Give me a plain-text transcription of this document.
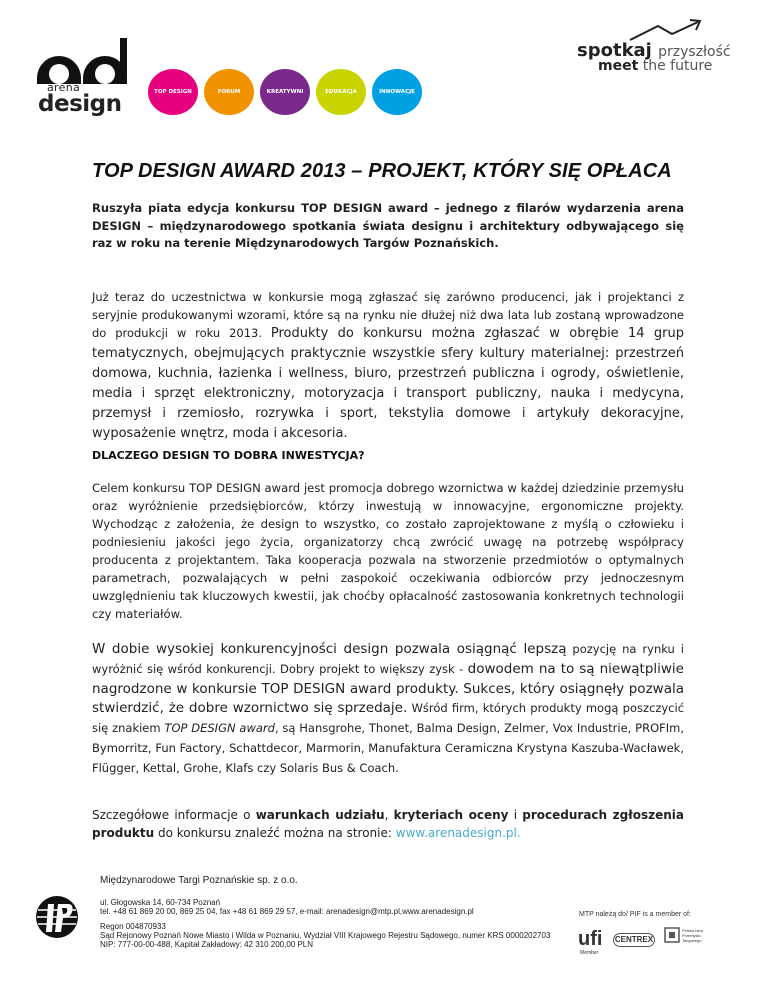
arena
design	TOP DESIGN	FORUM	KREATYWNI	EDUKACJA	INNOWACJE
spotkaj przyszłość
meet the future
TOP DESIGN AWARD 2013 – PROJEKT, KTÓRY SIĘ OPŁACA
Ruszyła piata edycja konkursu TOP DESIGN award – jednego z filarów wydarzenia arena DESIGN – międzynarodowego spotkania świata designu i architektury odbywającego się raz w roku na terenie Międzynarodowych Targów Poznańskich.
Już teraz do uczestnictwa w konkursie mogą zgłaszać się zarówno producenci, jak i projektanci z seryjnie produkowanymi wzorami, które są na rynku nie dłużej niż dwa lata lub zostaną wprowadzone do produkcji w roku 2013. Produkty do konkursu można zgłaszać w obrębie 14 grup tematycznych, obejmujących praktycznie wszystkie sfery kultury materialnej: przestrzeń domowa, kuchnia, łazienka i wellness, biuro, przestrzeń publiczna i ogrody, oświetlenie, media i sprzęt elektroniczny, motoryzacja i transport publiczny, nauka i medycyna, przemysł i rzemiosło, rozrywka i sport, tekstylia domowe i artykuły dekoracyjne, wyposażenie wnętrz, moda i akcesoria.
DLACZEGO DESIGN TO DOBRA INWESTYCJA?
Celem konkursu TOP DESIGN award jest promocja dobrego wzornictwa w każdej dziedzinie przemysłu oraz wyróżnienie przedsiębiorców, którzy inwestują w innowacyjne, ergonomiczne projekty. Wychodząc z założenia, że design to wszystko, co zostało zaprojektowane z myślą o człowieku i podniesieniu jakości jego życia, organizatorzy chcą zwrócić uwagę na potrzebę współpracy producenta z projektantem. Taka kooperacja pozwala na stworzenie przedmiotów o optymalnych parametrach, pozwalających w pełni zaspokoić oczekiwania odbiorców przy jednoczesnym uwzględnieniu tak kluczowych kwestii, jak choćby opłacalność zastosowania konkretnych technologii czy materiałów.
W dobie wysokiej konkurencyjności design pozwala osiągnąć lepszą pozycję na rynku i wyróżnić się wśród konkurencji. Dobry projekt to większy zysk - dowodem na to są niewątpliwie nagrodzone w konkursie TOP DESIGN award produkty. Sukces, który osiągnęły pozwala stwierdzić, że dobre wzornictwo się sprzedaje. Wśród firm, których produkty mogą poszczycić się znakiem TOP DESIGN award, są Hansgrohe, Thonet, Balma Design, Zelmer, Vox Industrie, PROFIm, Bymorritz, Fun Factory, Schattdecor, Marmorin, Manufaktura Ceramiczna Krystyna Kaszuba-Wacławek, Flügger, Kettal, Grohe, Klafs czy Solaris Bus & Coach.
Szczegółowe informacje o warunkach udziału, kryteriach oceny i procedurach zgłoszenia produktu do konkursu znaleźć można na stronie: www.arenadesign.pl.
Międzynarodowe Targi Poznańskie sp. z o.o.
ul. Głogowska 14, 60-734 Poznań
tel. +48 61 869 20 00, 869 25 04, fax +48 61 869 29 57, e-mail: arenadesign@mtp.pl,www.arenadesign.pl
Regon 004870933
Sąd Rejonowy Poznań Nowe Miasto i Wilda w Poznaniu, Wydział VIII Krajowego Rejestru Sądowego, numer KRS 0000202703
NIP: 777-00-00-488, Kapitał Zakładowy: 42 310 200,00 PLN
MTP należą do/ PIF is a member of:
ufi
Member
CENTREX
Polska Izba Przemysłu Targowego
